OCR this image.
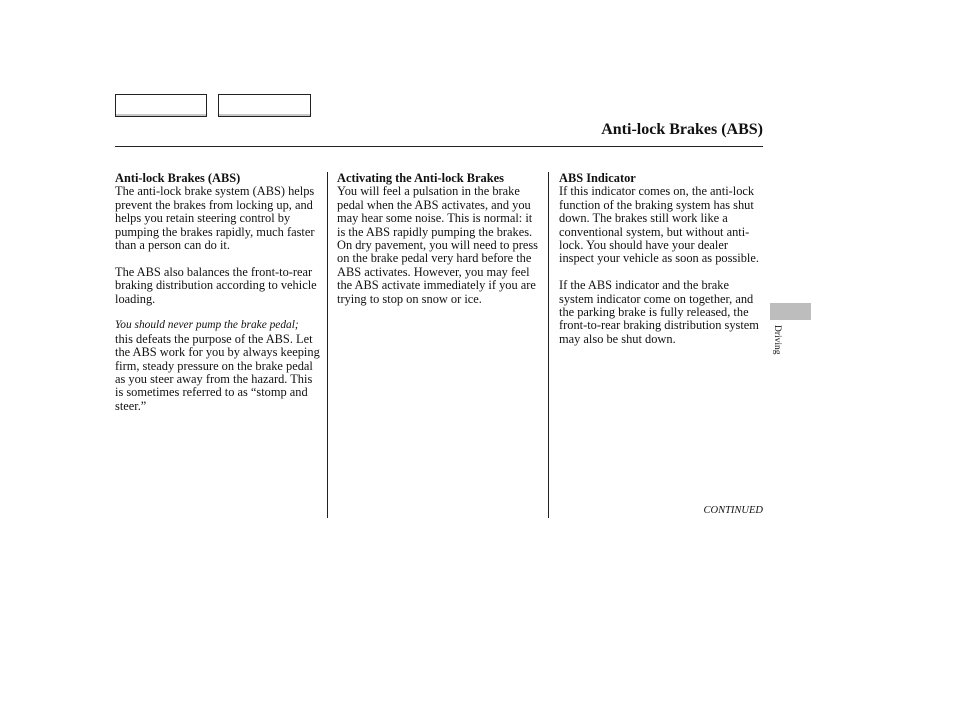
Anti-lock Brakes (ABS)

Anti-lock Brakes (ABS)

The anti-lock brake system (ABS) helps prevent the brakes from locking up, and helps you retain steering control by pumping the brakes rapidly, much faster than a person can do it.

The ABS also balances the front-to-rear braking distribution according to vehicle loading.

You should never pump the brake pedal;
this defeats the purpose of the ABS. Let the ABS work for you by always keeping firm, steady pressure on the brake pedal as you steer away from the hazard. This is sometimes referred to as “stomp and steer.”

Activating the Anti-lock Brakes

You will feel a pulsation in the brake pedal when the ABS activates, and you may hear some noise. This is normal: it is the ABS rapidly pumping the brakes. On dry pavement, you will need to press on the brake pedal very hard before the ABS activates. However, you may feel the ABS activate immediately if you are trying to stop on snow or ice.

ABS Indicator

If this indicator comes on, the anti-lock function of the braking system has shut down. The brakes still work like a conventional system, but without anti-lock. You should have your dealer inspect your vehicle as soon as possible.

If the ABS indicator and the brake system indicator come on together, and the parking brake is fully released, the front-to-rear braking distribution system may also be shut down.

CONTINUED
Driving
